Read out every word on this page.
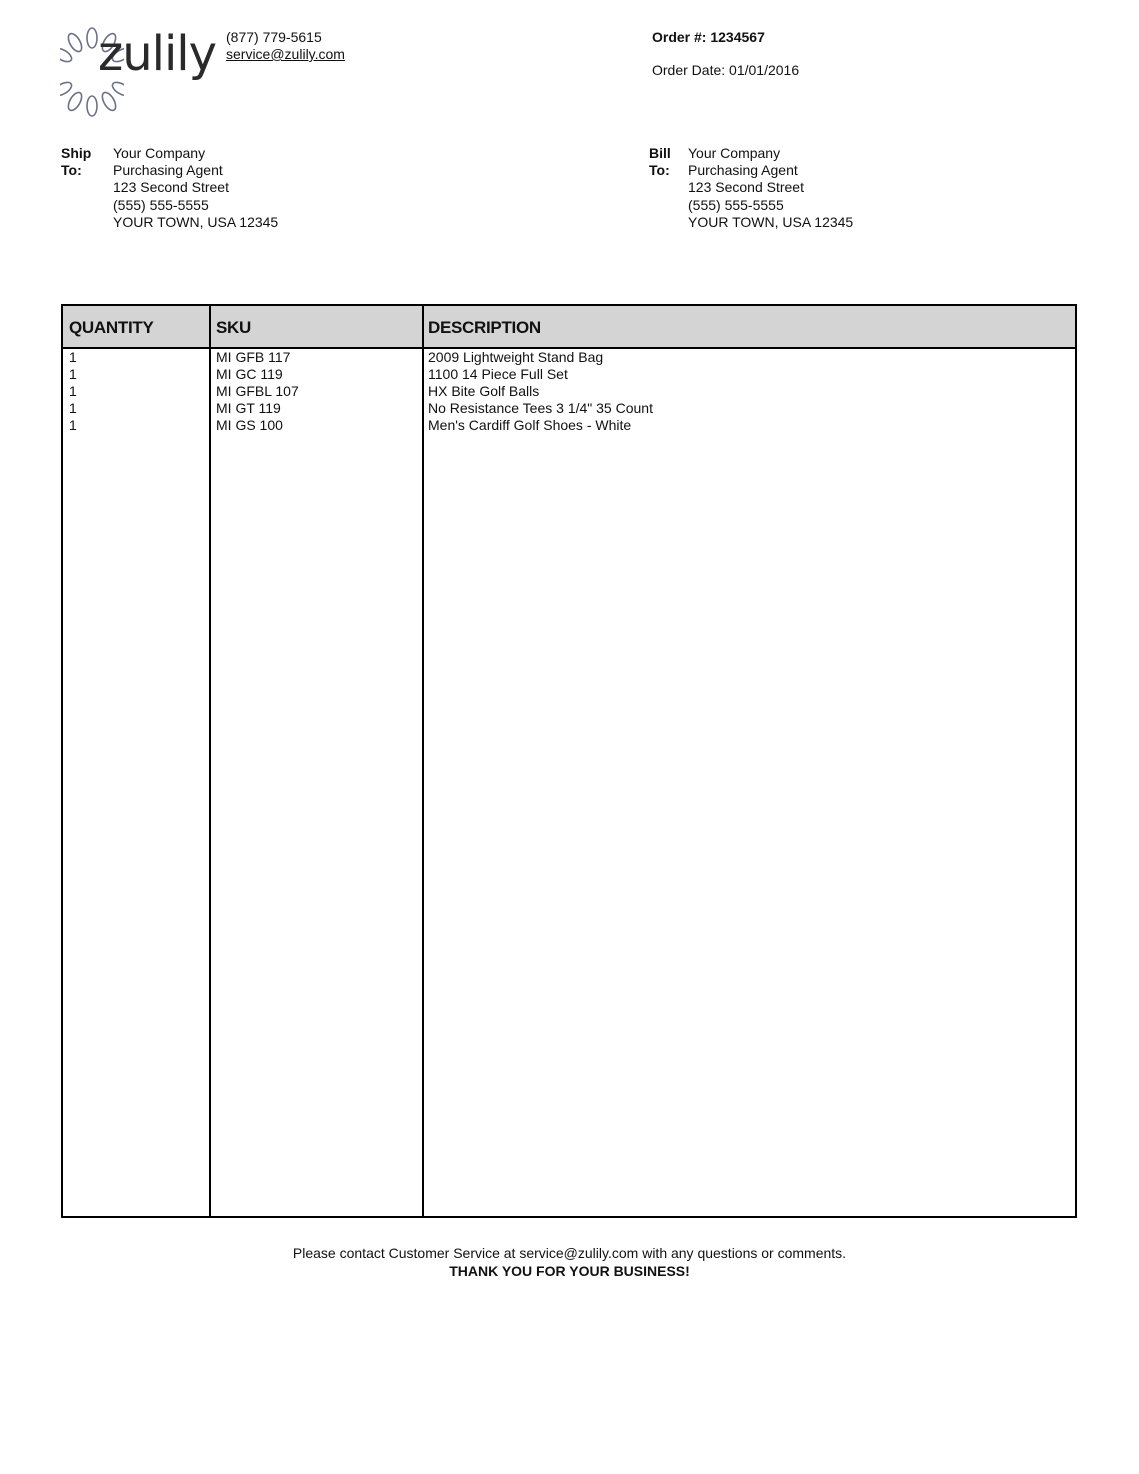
zulily (877) 779-5615
service@zulily.com
Order #: 1234567
Order Date: 01/01/2016
Ship
To:
Your Company
Purchasing Agent
123 Second Street
(555) 555-5555
YOUR TOWN, USA 12345
Bill
To:
Your Company
Purchasing Agent
123 Second Street
(555) 555-5555
YOUR TOWN, USA 12345
QUANTITY	SKU	DESCRIPTION
1
1
1
1
1
MI GFB 117
MI GC 119
MI GFBL 107
MI GT 119
MI GS 100
2009 Lightweight Stand Bag
1100 14 Piece Full Set
HX Bite Golf Balls
No Resistance Tees 3 1/4" 35 Count
Men's Cardiff Golf Shoes - White
Please contact Customer Service at service@zulily.com with any questions or comments.
THANK YOU FOR YOUR BUSINESS!
